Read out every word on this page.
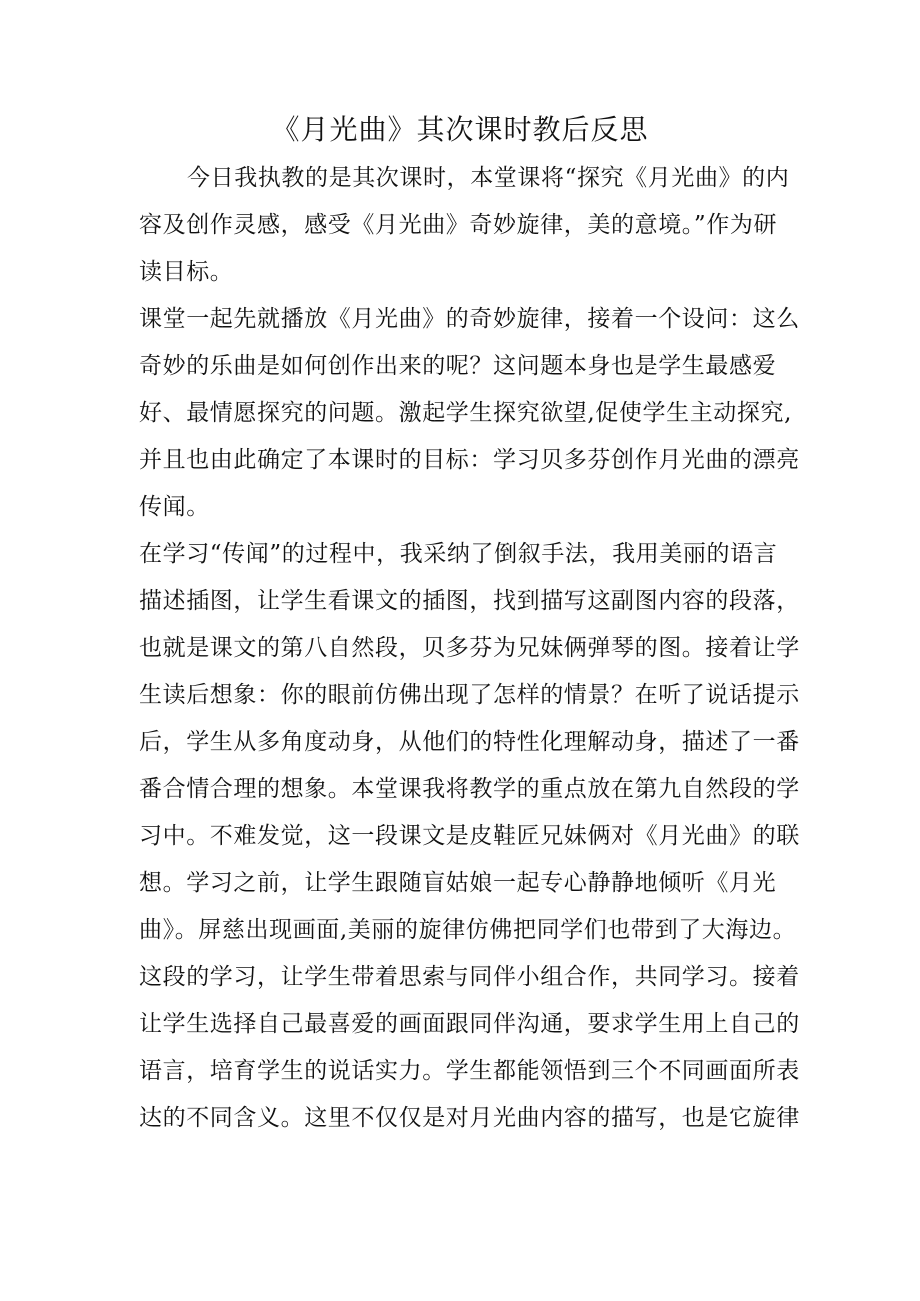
《月光曲》其次课时教后反思
今日我执教的是其次课时，本堂课将“探究《月光曲》的内
容及创作灵感，感受《月光曲》奇妙旋律，美的意境。”作为研
读目标。
课堂一起先就播放《月光曲》的奇妙旋律，接着一个设问：这么
奇妙的乐曲是如何创作出来的呢？这问题本身也是学生最感爱
好、最情愿探究的问题。激起学生探究欲望,促使学生主动探究,
并且也由此确定了本课时的目标：学习贝多芬创作月光曲的漂亮
传闻。
在学习“传闻”的过程中，我采纳了倒叙手法，我用美丽的语言
描述插图，让学生看课文的插图，找到描写这副图内容的段落，
也就是课文的第八自然段，贝多芬为兄妹俩弹琴的图。接着让学
生读后想象：你的眼前仿佛出现了怎样的情景？在听了说话提示
后，学生从多角度动身，从他们的特性化理解动身，描述了一番
番合情合理的想象。本堂课我将教学的重点放在第九自然段的学
习中。不难发觉，这一段课文是皮鞋匠兄妹俩对《月光曲》的联
想。学习之前，让学生跟随盲姑娘一起专心静静地倾听《月光
曲》。屏慈出现画面,美丽的旋律仿佛把同学们也带到了大海边。
这段的学习，让学生带着思索与同伴小组合作，共同学习。接着
让学生选择自己最喜爱的画面跟同伴沟通，要求学生用上自己的
语言，培育学生的说话实力。学生都能领悟到三个不同画面所表
达的不同含义。这里不仅仅是对月光曲内容的描写，也是它旋律
